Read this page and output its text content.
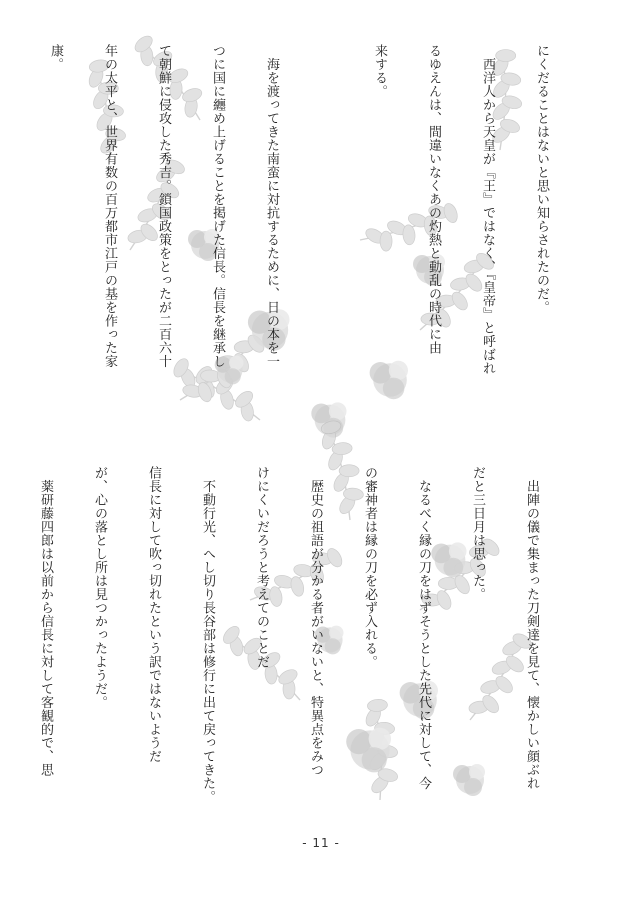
にくだることはないと思い知らされたのだ。

　西洋人から天皇が『王』ではなく、『皇帝』と呼ばれ

るゆえんは、間違いなくあの灼熱と動乱の時代に由

来する。

　海を渡ってきた南蛮に対抗するために、日の本を一

つに国に纏め上げることを掲げた信長。信長を継承し

て朝鮮に侵攻した秀吉。鎖国政策をとったが二百六十

年の太平と、世界有数の百万都市江戸の基を作った家

康。

　出陣の儀で集まった刀剣達を見て、懐かしい顔ぶれ

だと三日月は思った。

　なるべく縁の刀をはずそうとした先代に対して、今

の審神者は縁の刀を必ず入れる。

　歴史の祖語が分かる者がいないと、特異点をみつ

けにくいだろうと考えてのことだ

　不動行光、へし切り長谷部は修行に出て戻ってきた。

信長に対して吹っ切れたという訳ではないようだ

が、心の落とし所は見つかったようだ。

　薬研藤四郎は以前から信長に対して客観的で、思

- 11 -
